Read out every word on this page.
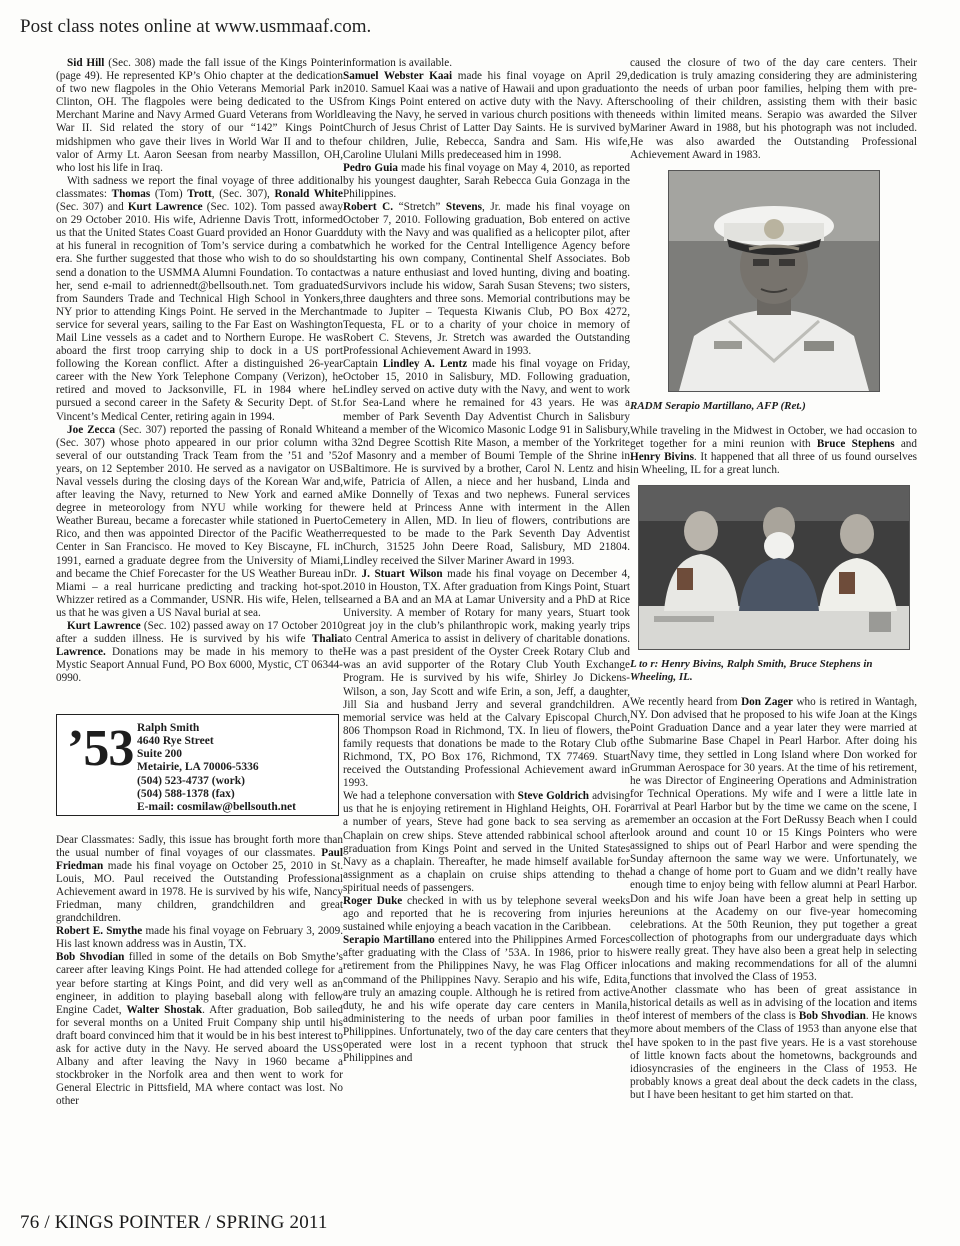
Post class notes online at www.usmmaaf.com.

Sid Hill (Sec. 308) made the fall issue of the Kings Pointer (page 49). He represented KP’s Ohio chapter at the dedication of two new flagpoles in the Ohio Veterans Memorial Park in Clinton, OH. The flagpoles were being dedicated to the US Merchant Marine and Navy Armed Guard Veterans from World War II. Sid related the story of our “142” Kings Point midshipmen who gave their lives in World War II and to the valor of Army Lt. Aaron Seesan from nearby Massillon, OH, who lost his life in Iraq.

With sadness we report the final voyage of three additional classmates: Thomas (Tom) Trott, (Sec. 307), Ronald White (Sec. 307) and Kurt Lawrence (Sec. 102). Tom passed away on 29 October 2010. His wife, Adrienne Davis Trott, informed us that the United States Coast Guard provided an Honor Guard at his funeral in recognition of Tom’s service during a combat era. She further suggested that those who wish to do so should send a donation to the USMMA Alumni Foundation. To contact her, send e-mail to adriennedt@bellsouth.net. Tom graduated from Saunders Trade and Technical High School in Yonkers, NY prior to attending Kings Point. He served in the Merchant service for several years, sailing to the Far East on Washington Mail Line vessels as a cadet and to Northern Europe. He was aboard the first troop carrying ship to dock in a US port following the Korean conflict. After a distinguished 26-year career with the New York Telephone Company (Verizon), he retired and moved to Jacksonville, FL in 1984 where he pursued a second career in the Safety & Security Dept. of St. Vincent’s Medical Center, retiring again in 1994.

Joe Zecca (Sec. 307) reported the passing of Ronald White (Sec. 307) whose photo appeared in our prior column with several of our outstanding Track Team from the ’51 and ’52 years, on 12 September 2010. He served as a navigator on US Naval vessels during the closing days of the Korean War and, after leaving the Navy, returned to New York and earned a degree in meteorology from NYU while working for the Weather Bureau, became a forecaster while stationed in Puerto Rico, and then was appointed Director of the Pacific Weather Center in San Francisco. He moved to Key Biscayne, FL in 1991, earned a graduate degree from the University of Miami, and became the Chief Forecaster for the US Weather Bureau in Miami – a real hurricane predicting and tracking hot-spot. Whizzer retired as a Commander, USNR. His wife, Helen, tells us that he was given a US Naval burial at sea.

Kurt Lawrence (Sec. 102) passed away on 17 October 2010 after a sudden illness. He is survived by his wife Thalia Lawrence. Donations may be made in his memory to the Mystic Seaport Annual Fund, PO Box 6000, Mystic, CT 06344-0990.

’53 Ralph Smith
4640 Rye Street
Suite 200
Metairie, LA 70006-5336
(504) 523-4737 (work)
(504) 588-1378 (fax)
E-mail: cosmilaw@bellsouth.net

Dear Classmates: Sadly, this issue has brought forth more than the usual number of final voyages of our classmates. Paul Friedman made his final voyage on October 25, 2010 in St. Louis, MO. Paul received the Outstanding Professional Achievement award in 1978. He is survived by his wife, Nancy Friedman, many children, grandchildren and great grandchildren.

Robert E. Smythe made his final voyage on February 3, 2009. His last known address was in Austin, TX.

Bob Shvodian filled in some of the details on Bob Smythe’s career after leaving Kings Point. He had attended college for a year before starting at Kings Point, and did very well as an engineer, in addition to playing baseball along with fellow Engine Cadet, Walter Shostak. After graduation, Bob sailed for several months on a United Fruit Company ship until his draft board convinced him that it would be in his best interest to ask for active duty in the Navy. He served aboard the USS Albany and after leaving the Navy in 1960 became a stockbroker in the Norfolk area and then went to work for General Electric in Pittsfield, MA where contact was lost. No other

information is available.

Samuel Webster Kaai made his final voyage on April 29, 2010. Samuel Kaai was a native of Hawaii and upon graduation from Kings Point entered on active duty with the Navy. After leaving the Navy, he served in various church positions with the Church of Jesus Christ of Latter Day Saints. He is survived by four children, Julie, Rebecca, Sandra and Sam. His wife, Caroline Ululani Mills predeceased him in 1998.

Pedro Guia made his final voyage on May 4, 2010, as reported by his youngest daughter, Sarah Rebecca Guia Gonzaga in the Philippines.

Robert C. “Stretch” Stevens, Jr. made his final voyage on October 7, 2010. Following graduation, Bob entered on active duty with the Navy and was qualified as a helicopter pilot, after which he worked for the Central Intelligence Agency before starting his own company, Continental Shelf Associates. Bob was a nature enthusiast and loved hunting, diving and boating. Survivors include his widow, Sarah Susan Stevens; two sisters, three daughters and three sons. Memorial contributions may be made to Jupiter – Tequesta Kiwanis Club, PO Box 4272, Tequesta, FL or to a charity of your choice in memory of Robert C. Stevens, Jr. Stretch was awarded the Outstanding Professional Achievement Award in 1993.

Captain Lindley A. Lentz made his final voyage on Friday, October 15, 2010 in Salisbury, MD. Following graduation, Lindley served on active duty with the Navy, and went to work for Sea-Land where he remained for 43 years. He was a member of Park Seventh Day Adventist Church in Salisbury and a member of the Wicomico Masonic Lodge 91 in Salisbury, a 32nd Degree Scottish Rite Mason, a member of the Yorkrite of Masonry and a member of Boumi Temple of the Shrine in Baltimore. He is survived by a brother, Carol N. Lentz and his wife, Patricia of Allen, a niece and her husband, Linda and Mike Donnelly of Texas and two nephews. Funeral services were held at Princess Anne with interment in the Allen Cemetery in Allen, MD. In lieu of flowers, contributions are requested to be made to the Park Seventh Day Adventist Church, 31525 John Deere Road, Salisbury, MD 21804. Lindley received the Silver Mariner Award in 1993.

Dr. J. Stuart Wilson made his final voyage on December 4, 2010 in Houston, TX. After graduation from Kings Point, Stuart earned a BA and an MA at Lamar University and a PhD at Rice University. A member of Rotary for many years, Stuart took great joy in the club’s philanthropic work, making yearly trips to Central America to assist in delivery of charitable donations. He was a past president of the Oyster Creek Rotary Club and was an avid supporter of the Rotary Club Youth Exchange Program. He is survived by his wife, Shirley Jo Dickens-Wilson, a son, Jay Scott and wife Erin, a son, Jeff, a daughter, Jill Sia and husband Jerry and several grandchildren. A memorial service was held at the Calvary Episcopal Church, 806 Thompson Road in Richmond, TX. In lieu of flowers, the family requests that donations be made to the Rotary Club of Richmond, TX, PO Box 176, Richmond, TX 77469. Stuart received the Outstanding Professional Achievement award in 1993.

We had a telephone conversation with Steve Goldrich advising us that he is enjoying retirement in Highland Heights, OH. For a number of years, Steve had gone back to sea serving as a Chaplain on crew ships. Steve attended rabbinical school after graduation from Kings Point and served in the United States Navy as a chaplain. Thereafter, he made himself available for assignment as a chaplain on cruise ships attending to the spiritual needs of passengers.

Roger Duke checked in with us by telephone several weeks ago and reported that he is recovering from injuries he sustained while enjoying a beach vacation in the Caribbean.

Serapio Martillano entered into the Philippines Armed Forces after graduating with the Class of ’53A. In 1986, prior to his retirement from the Philippines Navy, he was Flag Officer in command of the Philippines Navy. Serapio and his wife, Edita, are truly an amazing couple. Although he is retired from active duty, he and his wife operate day care centers in Manila, administering to the needs of urban poor families in the Philippines. Unfortunately, two of the day care centers that they operated were lost in a recent typhoon that struck the Philippines and

caused the closure of two of the day care centers. Their dedication is truly amazing considering they are administering to the needs of urban poor families, helping them with pre-schooling of their children, assisting them with their basic needs within limited means. Serapio was awarded the Silver Mariner Award in 1988, but his photograph was not included. He was also awarded the Outstanding Professional Achievement Award in 1983.

RADM Serapio Martillano, AFP (Ret.)

While traveling in the Midwest in October, we had occasion to get together for a mini reunion with Bruce Stephens and Henry Bivins. It happened that all three of us found ourselves in Wheeling, IL for a great lunch.

L to r: Henry Bivins, Ralph Smith, Bruce Stephens in Wheeling, IL.

We recently heard from Don Zager who is retired in Wantagh, NY. Don advised that he proposed to his wife Joan at the Kings Point Graduation Dance and a year later they were married at the Submarine Base Chapel in Pearl Harbor. After doing his Navy time, they settled in Long Island where Don worked for Grumman Aerospace for 30 years. At the time of his retirement, he was Director of Engineering Operations and Administration for Technical Operations. My wife and I were a little late in arrival at Pearl Harbor but by the time we came on the scene, I remember an occasion at the Fort DeRussy Beach when I could look around and count 10 or 15 Kings Pointers who were assigned to ships out of Pearl Harbor and were spending the Sunday afternoon the same way we were. Unfortunately, we had a change of home port to Guam and we didn’t really have enough time to enjoy being with fellow alumni at Pearl Harbor. Don and his wife Joan have been a great help in setting up reunions at the Academy on our five-year homecoming celebrations. At the 50th Reunion, they put together a great collection of photographs from our undergraduate days which were really great. They have also been a great help in selecting locations and making recommendations for all of the alumni functions that involved the Class of 1953.

Another classmate who has been of great assistance in historical details as well as in advising of the location and items of interest of members of the class is Bob Shvodian. He knows more about members of the Class of 1953 than anyone else that I have spoken to in the past five years. He is a vast storehouse of little known facts about the hometowns, backgrounds and idiosyncrasies of the engineers in the Class of 1953. He probably knows a great deal about the deck cadets in the class, but I have been hesitant to get him started on that.

76 / KINGS POINTER / SPRING 2011
